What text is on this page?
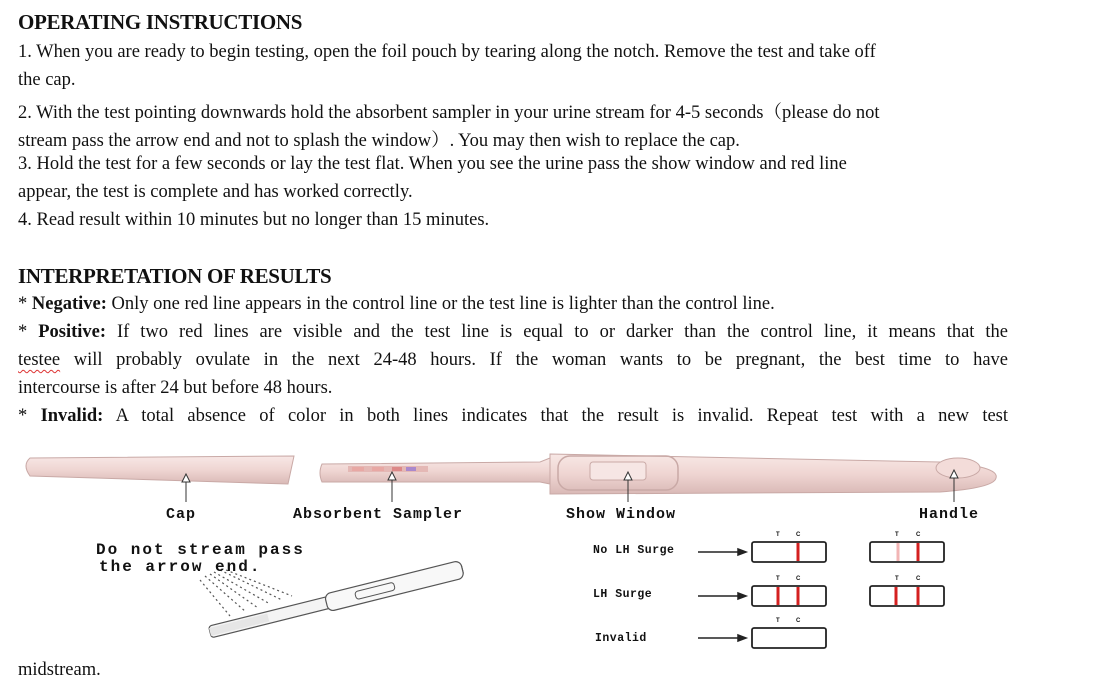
OPERATING INSTRUCTIONS
1. When you are ready to begin testing, open the foil pouch by tearing along the notch. Remove the test and take off
the cap.
2. With the test pointing downwards hold the absorbent sampler in your urine stream for 4-5 seconds（please do not
stream pass the arrow end and not to splash the window）. You may then wish to replace the cap.
3. Hold the test for a few seconds or lay the test flat. When you see the urine pass the show window and red line
appear, the test is complete and has worked correctly.
4. Read result within 10 minutes but no longer than 15 minutes.
INTERPRETATION OF RESULTS
* Negative: Only one red line appears in the control line or the test line is lighter than the control line.
* Positive: If two red lines are visible and the test line is equal to or darker than the control line, it means that the
testee will probably ovulate in the next 24-48 hours. If the woman wants to be pregnant, the best time to have
intercourse is after 24 but before 48 hours.
* Invalid: A total absence of color in both lines indicates that the result is invalid. Repeat test with a new test
midstream.
Cap	Absorbent Sampler	Show Window	Handle
Do not stream pass
the arrow end.
No LH Surge
LH Surge
Invalid
T	C	T	C
T	C	T	C
T	C
